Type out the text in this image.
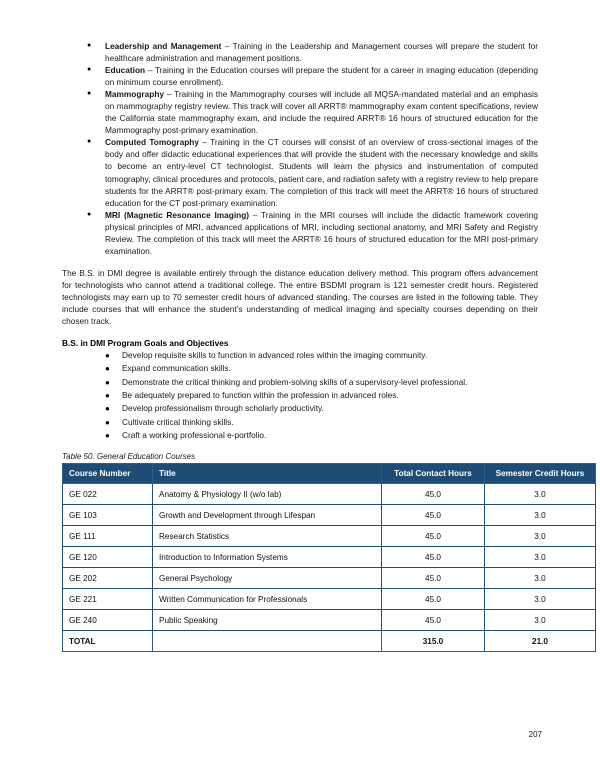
● Leadership and Management – Training in the Leadership and Management courses will prepare the student for healthcare administration and management positions.
● Education – Training in the Education courses will prepare the student for a career in imaging education (depending on minimum course enrollment).
● Mammography – Training in the Mammography courses will include all MQSA-mandated material and an emphasis on mammography registry review. This track will cover all ARRT® mammography exam content specifications, review the California state mammography exam, and include the required ARRT® 16 hours of structured education for the Mammography post-primary examination.
● Computed Tomography – Training in the CT courses will consist of an overview of cross-sectional images of the body and offer didactic educational experiences that will provide the student with the necessary knowledge and skills to become an entry-level CT technologist. Students will learn the physics and instrumentation of computed tomography, clinical procedures and protocols, patient care, and radiation safety with a registry review to help prepare students for the ARRT® post-primary exam. The completion of this track will meet the ARRT® 16 hours of structured education for the CT post-primary examination.
● MRI (Magnetic Resonance Imaging) – Training in the MRI courses will include the didactic framework covering physical principles of MRI, advanced applications of MRI, including sectional anatomy, and MRI Safety and Registry Review. The completion of this track will meet the ARRT® 16 hours of structured education for the MRI post-primary examination.

The B.S. in DMI degree is available entirely through the distance education delivery method. This program offers advancement for technologists who cannot attend a traditional college. The entire BSDMI program is 121 semester credit hours. Registered technologists may earn up to 70 semester credit hours of advanced standing. The courses are listed in the following table. They include courses that will enhance the student’s understanding of medical imaging and specialty courses depending on their chosen track.

B.S. in DMI Program Goals and Objectives
● Develop requisite skills to function in advanced roles within the imaging community.
● Expand communication skills.
● Demonstrate the critical thinking and problem-solving skills of a supervisory-level professional.
● Be adequately prepared to function within the profession in advanced roles.
● Develop professionalism through scholarly productivity.
● Cultivate critical thinking skills.
● Craft a working professional e-portfolio.
Table 50. General Education Courses
Course Number	Title	Total Contact Hours	Semester Credit Hours
GE 022	Anatomy & Physiology II (w/o lab)	45.0	3.0
GE 103	Growth and Development through Lifespan	45.0	3.0
GE 111	Research Statistics	45.0	3.0
GE 120	Introduction to Information Systems	45.0	3.0
GE 202	General Psychology	45.0	3.0
GE 221	Written Communication for Professionals	45.0	3.0
GE 240	Public Speaking	45.0	3.0
TOTAL		315.0	21.0
207
